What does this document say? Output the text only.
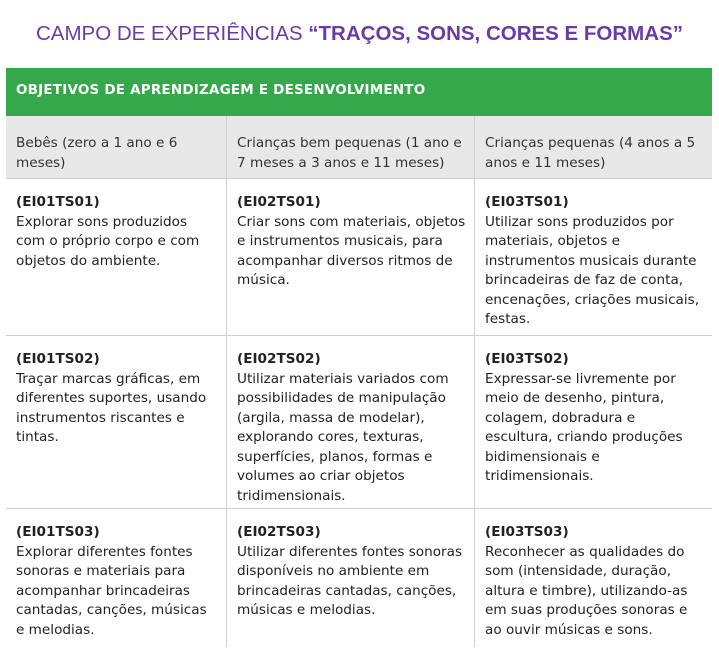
CAMPO DE EXPERIÊNCIAS “TRAÇOS, SONS, CORES E FORMAS”
OBJETIVOS DE APRENDIZAGEM E DESENVOLVIMENTO
Bebês (zero a 1 ano e 6 meses)
Crianças bem pequenas (1 ano e 7 meses a 3 anos e 11 meses)
Crianças pequenas (4 anos a 5 anos e 11 meses)
(EI01TS01)
Explorar sons produzidos com o próprio corpo e com objetos do ambiente.
(EI02TS01)
Criar sons com materiais, objetos e instrumentos musicais, para acompanhar diversos ritmos de música.
(EI03TS01)
Utilizar sons produzidos por materiais, objetos e instrumentos musicais durante brincadeiras de faz de conta, encenações, criações musicais, festas.
(EI01TS02)
Traçar marcas gráficas, em diferentes suportes, usando instrumentos riscantes e tintas.
(EI02TS02)
Utilizar materiais variados com possibilidades de manipulação (argila, massa de modelar), explorando cores, texturas, superfícies, planos, formas e volumes ao criar objetos tridimensionais.
(EI03TS02)
Expressar-se livremente por meio de desenho, pintura, colagem, dobradura e escultura, criando produções bidimensionais e tridimensionais.
(EI01TS03)
Explorar diferentes fontes sonoras e materiais para acompanhar brincadeiras cantadas, canções, músicas e melodias.
(EI02TS03)
Utilizar diferentes fontes sonoras disponíveis no ambiente em brincadeiras cantadas, canções, músicas e melodias.
(EI03TS03)
Reconhecer as qualidades do som (intensidade, duração, altura e timbre), utilizando-as em suas produções sonoras e ao ouvir músicas e sons.
